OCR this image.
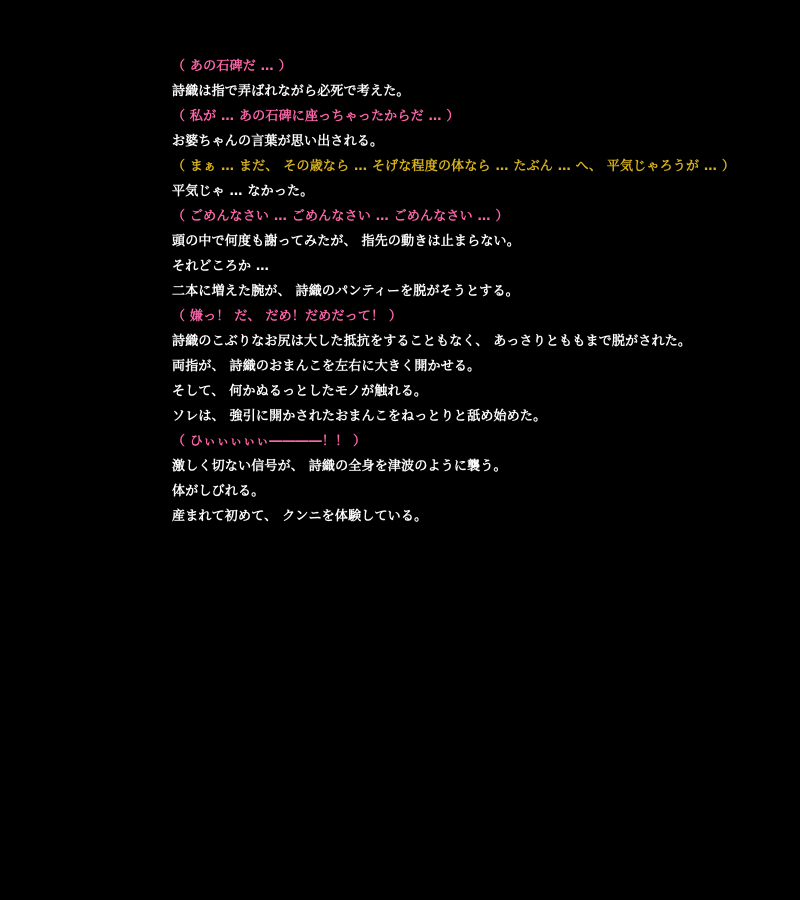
（ あの石碑だ … ）
詩織は指で弄ばれながら必死で考えた。
（ 私が … あの石碑に座っちゃったからだ … ）
お婆ちゃんの言葉が思い出される。
（ まぁ … まだ、 その歳なら … そげな程度の体なら … たぶん … へ、 平気じゃろうが … ）
平気じゃ … なかった。
（ ごめんなさい … ごめんなさい … ごめんなさい … ）
頭の中で何度も謝ってみたが、 指先の動きは止まらない。
それどころか …
二本に増えた腕が、 詩織のパンティーを脱がそうとする。
（ 嫌っ！ だ、 だめ！だめだって！ ）
詩織のこぶりなお尻は大した抵抗をすることもなく、 あっさりとももまで脱がされた。
両指が、 詩織のおまんこを左右に大きく開かせる。
そして、 何かぬるっとしたモノが触れる。
ソレは、 強引に開かされたおまんこをねっとりと舐め始めた。
（ ひぃぃぃぃぃ――――！！ ）
激しく切ない信号が、 詩織の全身を津波のように襲う。
体がしびれる。
産まれて初めて、 クンニを体験している。
